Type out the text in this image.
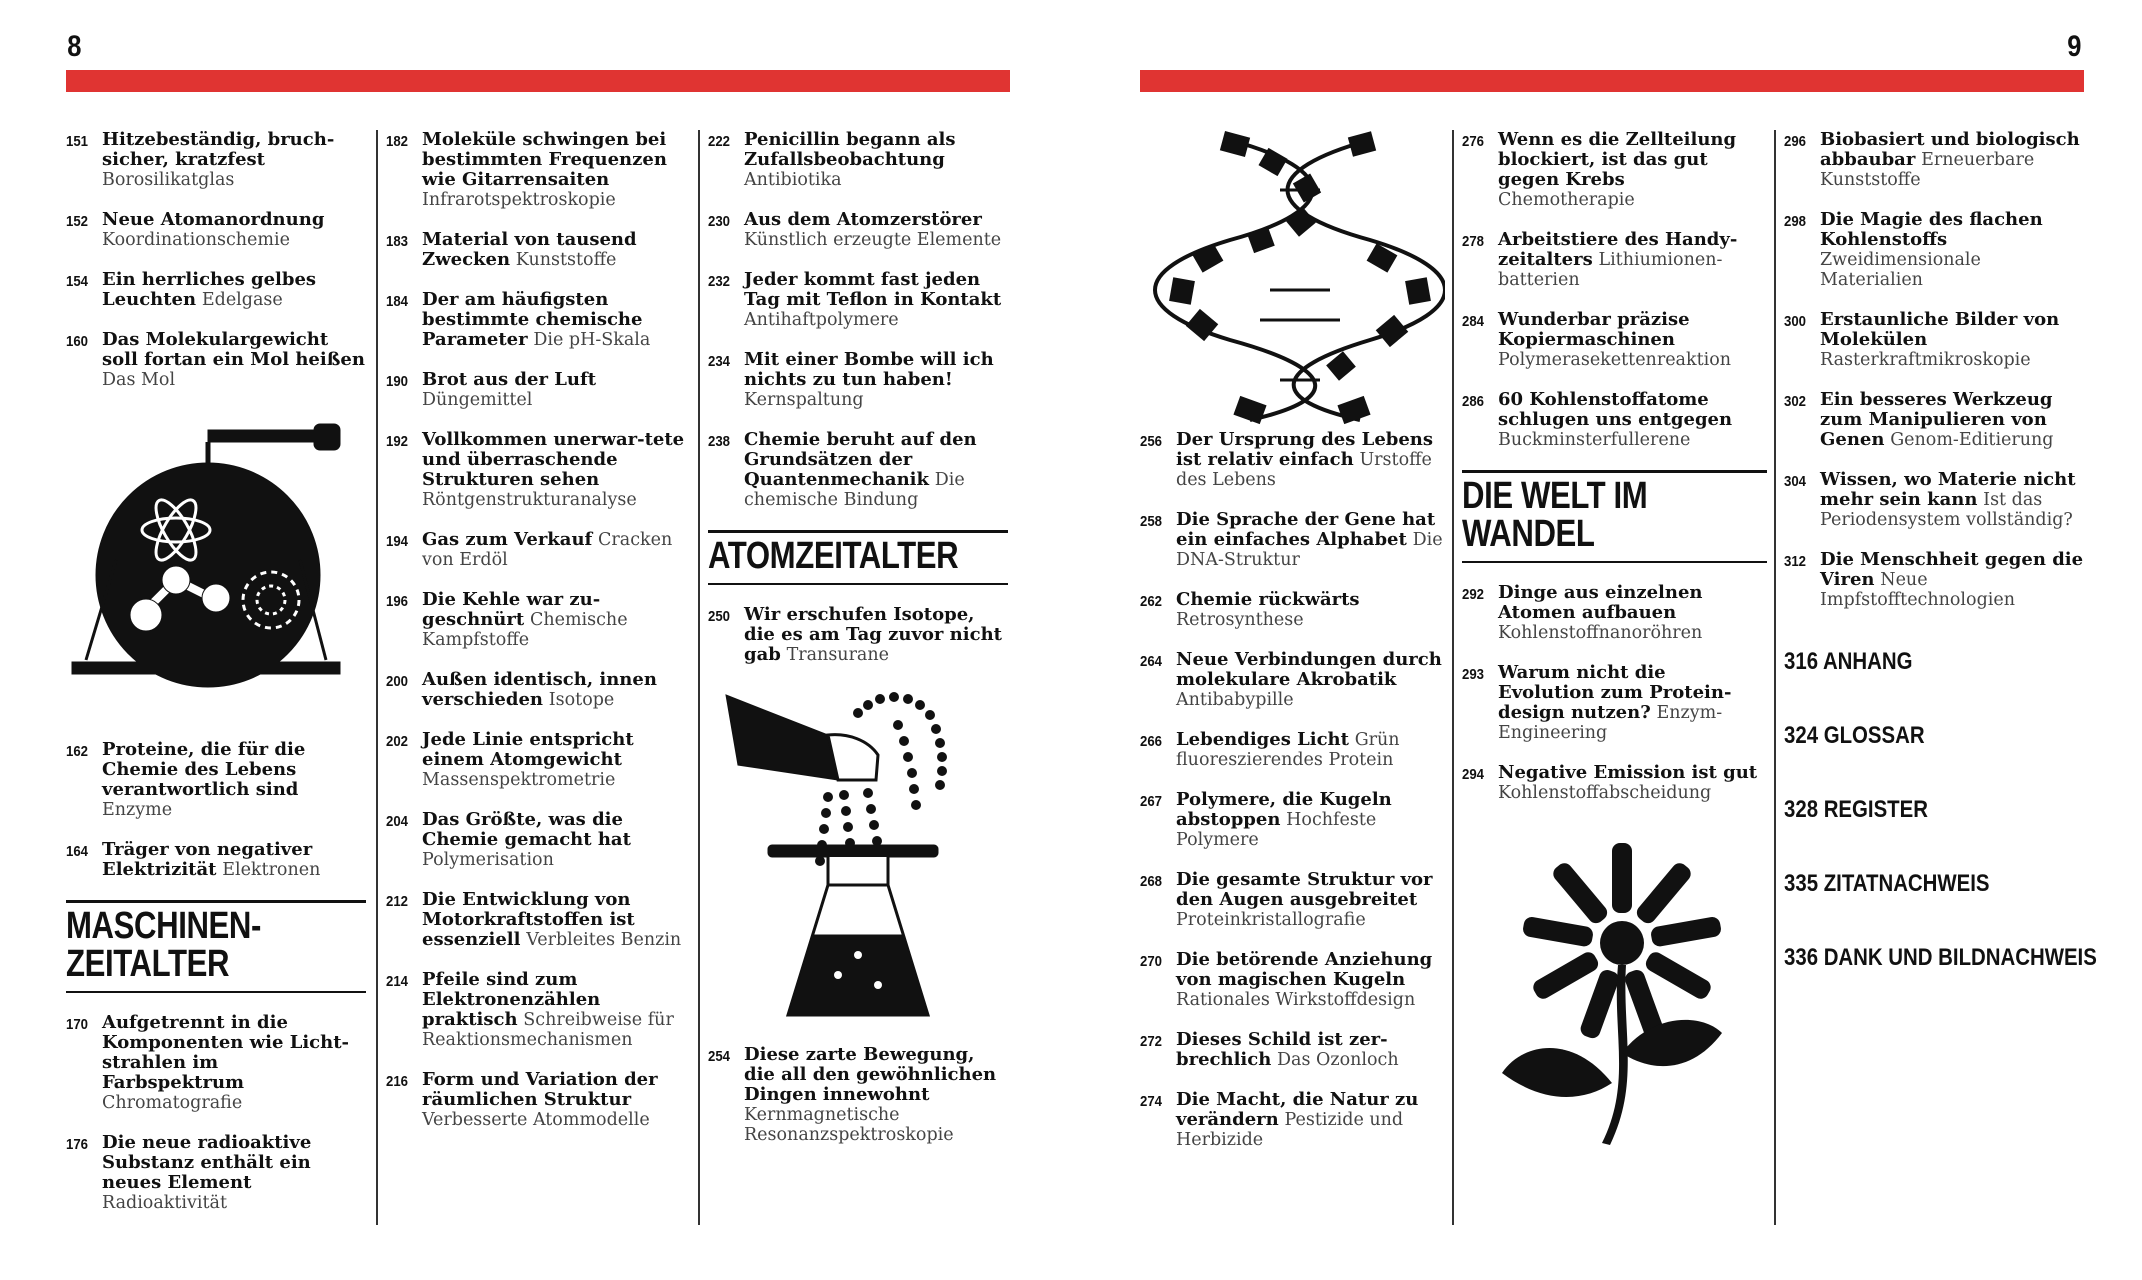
8	9
151 Hitzebeständig, bruch-sicher, kratzfest Borosilikatglas
152 Neue Atomanordnung Koordinationschemie
154 Ein herrliches gelbes Leuchten Edelgase
160 Das Molekulargewicht soll fortan ein Mol heißen Das Mol
162 Proteine, die für die Chemie des Lebens verantwortlich sind Enzyme
164 Träger von negativer Elektrizität Elektronen
MASCHINEN-
ZEITALTER
170 Aufgetrennt in die Komponenten wie Licht-strahlen im Farbspektrum Chromatografie
176 Die neue radioaktive Substanz enthält ein neues Element Radioaktivität
182 Moleküle schwingen bei bestimmten Frequenzen wie Gitarrensaiten Infrarotspektroskopie
183 Material von tausend Zwecken Kunststoffe
184 Der am häufigsten bestimmte chemische Parameter Die pH-Skala
190 Brot aus der Luft Düngemittel
192 Vollkommen unerwar-tete und überraschende Strukturen sehen Röntgenstrukturanalyse
194 Gas zum Verkauf Cracken von Erdöl
196 Die Kehle war zu-geschnürt Chemische Kampfstoffe
200 Außen identisch, innen verschieden Isotope
202 Jede Linie entspricht einem Atomgewicht Massenspektrometrie
204 Das Größte, was die Chemie gemacht hat Polymerisation
212 Die Entwicklung von Motorkraftstoffen ist essenziell Verbleites Benzin
214 Pfeile sind zum Elektronenzählen praktisch Schreibweise für Reaktionsmechanismen
216 Form und Variation der räumlichen Struktur Verbesserte Atommodelle
222 Penicillin begann als Zufallsbeobachtung Antibiotika
230 Aus dem Atomzerstörer Künstlich erzeugte Elemente
232 Jeder kommt fast jeden Tag mit Teflon in Kontakt Antihaftpolymere
234 Mit einer Bombe will ich nichts zu tun haben! Kernspaltung
238 Chemie beruht auf den Grundsätzen der Quantenmechanik Die chemische Bindung
ATOMZEITALTER
250 Wir erschufen Isotope, die es am Tag zuvor nicht gab Transurane
254 Diese zarte Bewegung, die all den gewöhnlichen Dingen innewohnt Kernmagnetische Resonanzspektroskopie
256 Der Ursprung des Lebens ist relativ einfach Urstoffe des Lebens
258 Die Sprache der Gene hat ein einfaches Alphabet Die DNA-Struktur
262 Chemie rückwärts Retrosynthese
264 Neue Verbindungen durch molekulare Akrobatik Antibabypille
266 Lebendiges Licht Grün fluoreszierendes Protein
267 Polymere, die Kugeln abstoppen Hochfeste Polymere
268 Die gesamte Struktur vor den Augen ausgebreitet Proteinkristallografie
270 Die betörende Anziehung von magischen Kugeln Rationales Wirkstoffdesign
272 Dieses Schild ist zer-brechlich Das Ozonloch
274 Die Macht, die Natur zu verändern Pestizide und Herbizide
276 Wenn es die Zellteilung blockiert, ist das gut gegen Krebs Chemotherapie
278 Arbeitstiere des Handy-zeitalters Lithiumionen-batterien
284 Wunderbar präzise Kopiermaschinen Polymerasekettenreaktion
286 60 Kohlenstoffatome schlugen uns entgegen Buckminsterfullerene
DIE WELT IM
WANDEL
292 Dinge aus einzelnen Atomen aufbauen Kohlenstoffnanoröhren
293 Warum nicht die Evolution zum Protein-design nutzen? Enzym-Engineering
294 Negative Emission ist gut Kohlenstoffabscheidung
296 Biobasiert und biologisch abbaubar Erneuerbare Kunststoffe
298 Die Magie des flachen Kohlenstoffs Zweidimensionale Materialien
300 Erstaunliche Bilder von Molekülen Rasterkraftmikroskopie
302 Ein besseres Werkzeug zum Manipulieren von Genen Genom-Editierung
304 Wissen, wo Materie nicht mehr sein kann Ist das Periodensystem vollständig?
312 Die Menschheit gegen die Viren Neue Impfstofftechnologien
316 ANHANG
324 GLOSSAR
328 REGISTER
335 ZITATNACHWEIS
336 DANK UND BILDNACHWEIS
